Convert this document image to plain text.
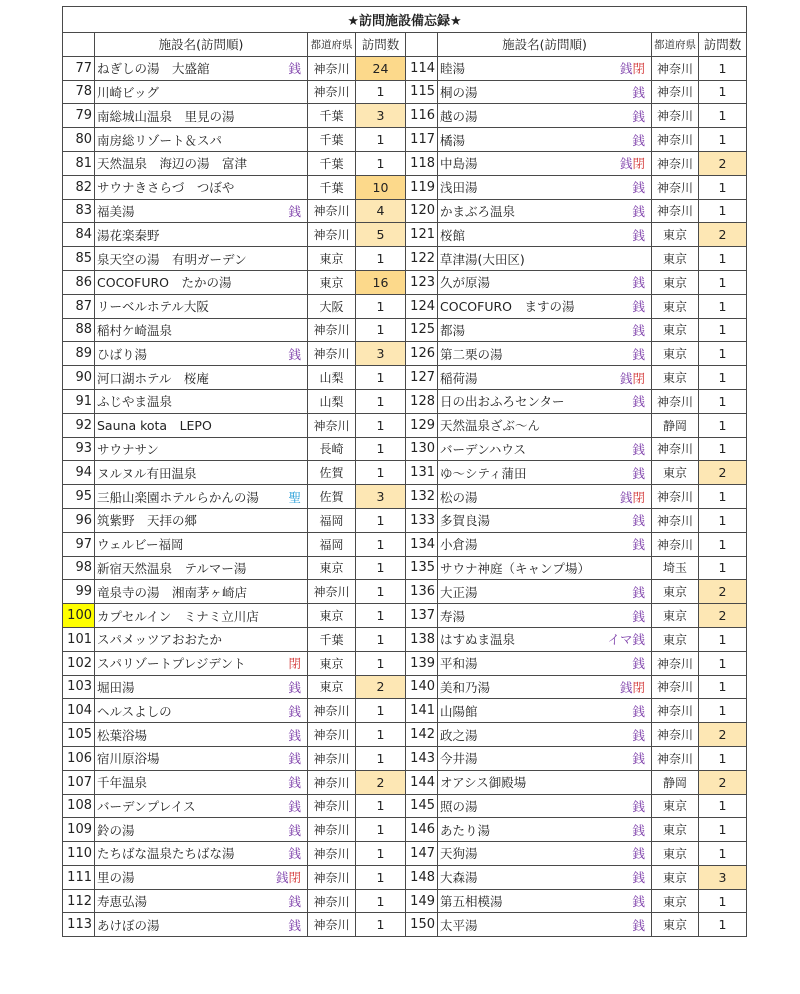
★訪問施設備忘録★							
	施設名(訪問順)	都道府県	訪問数		施設名(訪問順)	都道府県	訪問数
77	ねぎしの湯　大盛舘 銭	神奈川	24	114	睦湯 銭閉	神奈川	1
78	川崎ビッグ	神奈川	1	115	桐の湯 銭	神奈川	1
79	南総城山温泉　里見の湯	千葉	3	116	越の湯 銭	神奈川	1
80	南房総リゾート＆スパ	千葉	1	117	橘湯 銭	神奈川	1
81	天然温泉　海辺の湯　富津	千葉	1	118	中島湯 銭閉	神奈川	2
82	サウナきさらづ　つぼや	千葉	10	119	浅田湯 銭	神奈川	1
83	福美湯 銭	神奈川	4	120	かまぶろ温泉 銭	神奈川	1
84	湯花楽秦野	神奈川	5	121	桜館 銭	東京	2
85	泉天空の湯　有明ガーデン	東京	1	122	草津湯(大田区)	東京	1
86	COCOFURO　たかの湯	東京	16	123	久が原湯 銭	東京	1
87	リーベルホテル大阪	大阪	1	124	COCOFURO　ますの湯 銭	東京	1
88	稲村ケ崎温泉	神奈川	1	125	都湯 銭	東京	1
89	ひばり湯 銭	神奈川	3	126	第二栗の湯 銭	東京	1
90	河口湖ホテル　桜庵	山梨	1	127	稲荷湯 銭閉	東京	1
91	ふじやま温泉	山梨	1	128	日の出おふろセンター 銭	神奈川	1
92	Sauna kota　LEPO	神奈川	1	129	天然温泉ざぶ～ん	静岡	1
93	サウナサン	長崎	1	130	バーデンハウス 銭	神奈川	1
94	ヌルヌル有田温泉	佐賀	1	131	ゆ～シティ蒲田 銭	東京	2
95	三船山楽園ホテルらかんの湯 聖	佐賀	3	132	松の湯 銭閉	神奈川	1
96	筑紫野　天拝の郷	福岡	1	133	多賀良湯 銭	神奈川	1
97	ウェルビー福岡	福岡	1	134	小倉湯 銭	神奈川	1
98	新宿天然温泉　テルマー湯	東京	1	135	サウナ神庭（キャンプ場）	埼玉	1
99	竜泉寺の湯　湘南茅ヶ崎店	神奈川	1	136	大正湯 銭	東京	2
100	カプセルイン　ミナミ立川店	東京	1	137	寿湯 銭	東京	2
101	スパメッツアおおたか	千葉	1	138	はすぬま温泉 イマ銭	東京	1
102	スパリゾートプレジデント 閉	東京	1	139	平和湯 銭	神奈川	1
103	堀田湯 銭	東京	2	140	美和乃湯 銭閉	神奈川	1
104	ヘルスよしの 銭	神奈川	1	141	山陽館 銭	神奈川	1
105	松葉浴場 銭	神奈川	1	142	政之湯 銭	神奈川	2
106	宿川原浴場 銭	神奈川	1	143	今井湯 銭	神奈川	1
107	千年温泉 銭	神奈川	2	144	オアシス御殿場	静岡	2
108	バーデンプレイス 銭	神奈川	1	145	照の湯 銭	東京	1
109	鈴の湯 銭	神奈川	1	146	あたり湯 銭	東京	1
110	たちばな温泉たちばな湯 銭	神奈川	1	147	天狗湯 銭	東京	1
111	里の湯 銭閉	神奈川	1	148	大森湯 銭	東京	3
112	寿恵弘湯 銭	神奈川	1	149	第五相模湯 銭	東京	1
113	あけぼの湯 銭	神奈川	1	150	太平湯 銭	東京	1
